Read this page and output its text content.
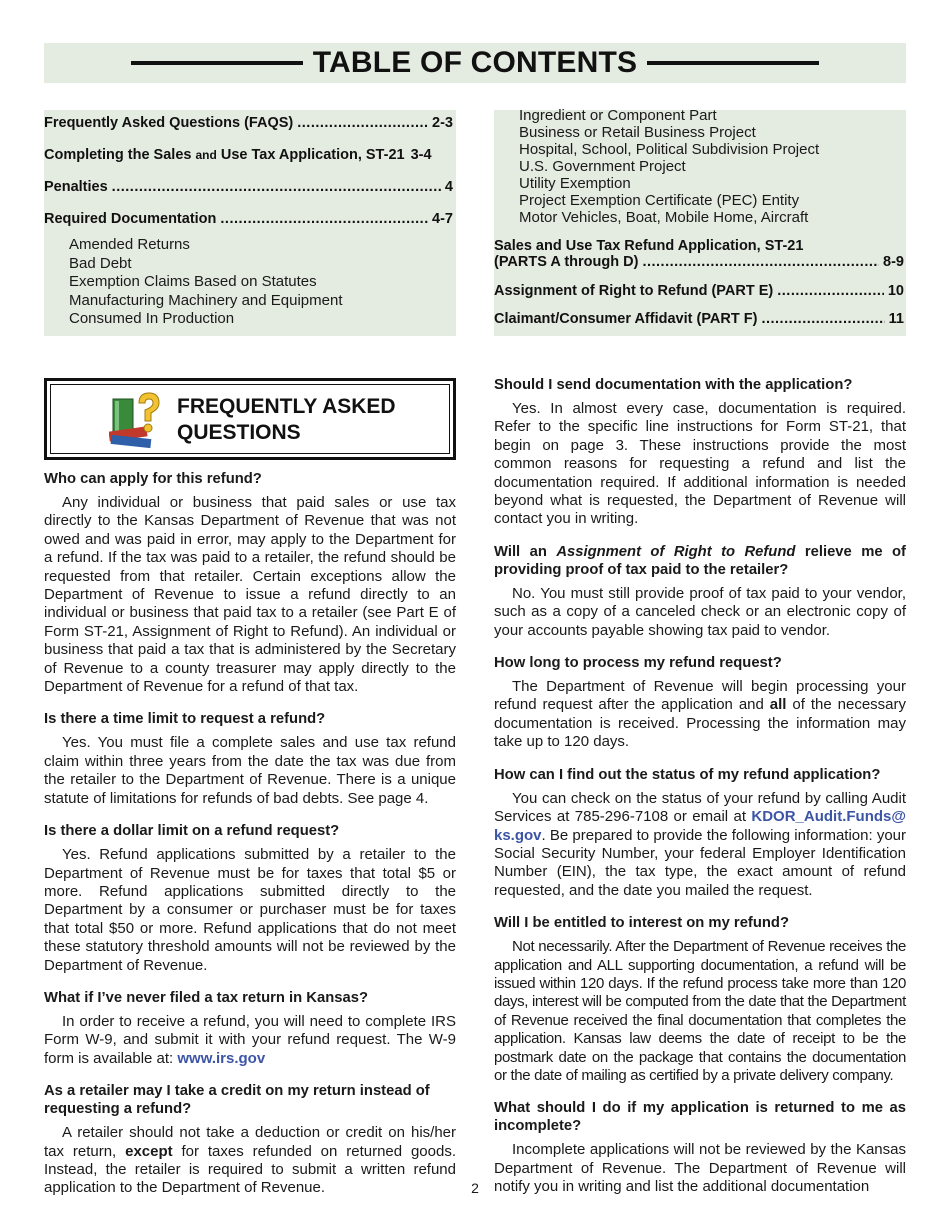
TABLE OF CONTENTS
Frequently Asked Questions (FAQS) .....	2-3
Completing the Sales and Use Tax Application, ST-21 3-4
Penalties .....	4
Required Documentation .....	4-7
Amended Returns
Bad Debt
Exemption Claims Based on Statutes
Manufacturing Machinery and Equipment
Consumed In Production
Ingredient or Component Part
Business or Retail Business Project
Hospital, School, Political Subdivision Project
U.S. Government Project
Utility Exemption
Project Exemption Certificate (PEC) Entity
Motor Vehicles, Boat, Mobile Home, Aircraft
Sales and Use Tax Refund Application, ST-21
(PARTS A through D) .....	8-9
Assignment of Right to Refund (PART E) .....	10
Claimant/Consumer Affidavit (PART F) .....	11
FREQUENTLY ASKED
QUESTIONS

Who can apply for this refund?

Any individual or business that paid sales or use tax directly to the Kansas Department of Revenue that was not owed and was paid in error, may apply to the Department for a refund. If the tax was paid to a retailer, the refund should be requested from that retailer. Certain exceptions allow the Department of Revenue to issue a refund directly to an individual or business that paid tax to a retailer (see Part E of Form ST-21, Assignment of Right to Refund). An individual or business that paid a tax that is administered by the Secretary of Revenue to a county treasurer may apply directly to the Department of Revenue for a refund of that tax.

Is there a time limit to request a refund?

Yes. You must file a complete sales and use tax refund claim within three years from the date the tax was due from the retailer to the Department of Revenue. There is a unique statute of limitations for refunds of bad debts. See page 4.

Is there a dollar limit on a refund request?

Yes. Refund applications submitted by a retailer to the Department of Revenue must be for taxes that total $5 or more. Refund applications submitted directly to the Department by a consumer or purchaser must be for taxes that total $50 or more. Refund applications that do not meet these statutory threshold amounts will not be reviewed by the Department of Revenue.

What if I’ve never filed a tax return in Kansas?

In order to receive a refund, you will need to complete IRS Form W-9, and submit it with your refund request. The W-9 form is available at: www.irs.gov

As a retailer may I take a credit on my return instead of requesting a refund?

A retailer should not take a deduction or credit on his/her tax return, except for taxes refunded on returned goods. Instead, the retailer is required to submit a written refund application to the Department of Revenue.

Should I send documentation with the application?

Yes. In almost every case, documentation is required. Refer to the specific line instructions for Form ST-21, that begin on page 3. These instructions provide the most common reasons for requesting a refund and list the documentation required. If additional information is needed beyond what is requested, the Department of Revenue will contact you in writing.

Will an Assignment of Right to Refund relieve me of providing proof of tax paid to the retailer?

No. You must still provide proof of tax paid to your vendor, such as a copy of a canceled check or an electronic copy of your accounts payable showing tax paid to vendor.

How long to process my refund request?

The Department of Revenue will begin processing your refund request after the application and all of the necessary documentation is received. Processing the information may take up to 120 days.

How can I find out the status of my refund application?

You can check on the status of your refund by calling Audit Services at 785-296-7108 or email at KDOR_Audit.Funds@ ks.gov. Be prepared to provide the following information: your Social Security Number, your federal Employer Identification Number (EIN), the tax type, the exact amount of refund requested, and the date you mailed the request.

Will I be entitled to interest on my refund?

Not necessarily. After the Department of Revenue receives the application and ALL supporting documentation, a refund will be issued within 120 days. If the refund process take more than 120 days, interest will be computed from the date that the Department of Revenue received the final documentation that completes the application. Kansas law deems the date of receipt to be the postmark date on the package that contains the documentation or the date of mailing as certified by a private delivery company.

What should I do if my application is returned to me as incomplete?

Incomplete applications will not be reviewed by the Kansas Department of Revenue. The Department of Revenue will notify you in writing and list the additional documentation

2
